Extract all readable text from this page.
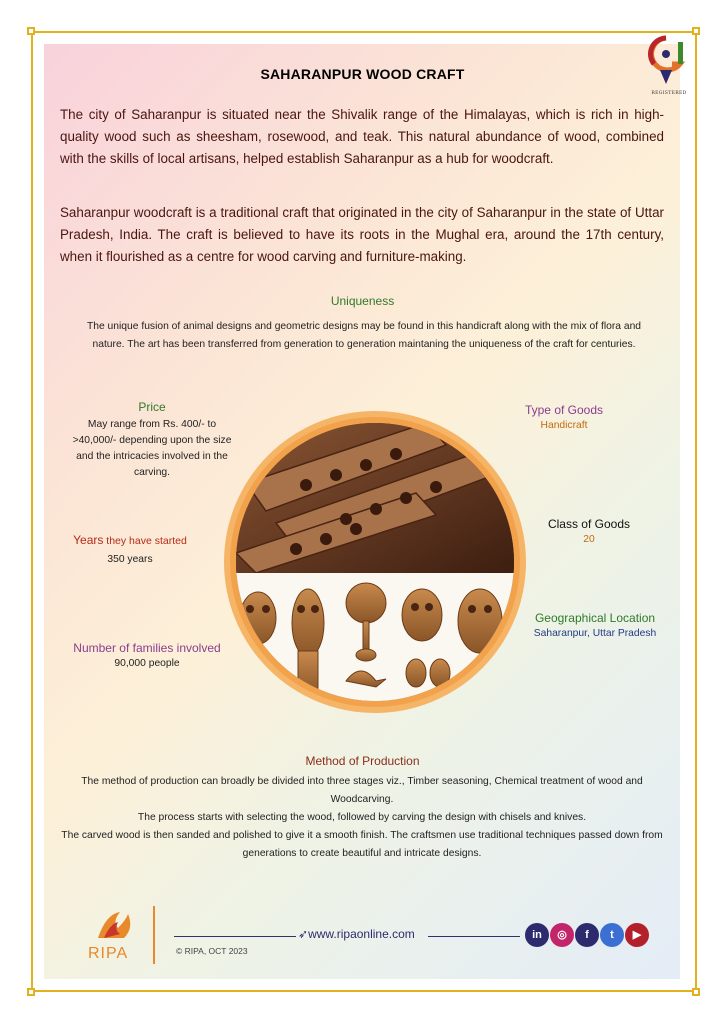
REGISTERED
SAHARANPUR WOOD CRAFT
The city of Saharanpur is situated near the Shivalik range of the Himalayas, which is rich in high-quality wood such as sheesham, rosewood, and teak. This natural abundance of wood, combined with the skills of local artisans, helped establish Saharanpur as a hub for woodcraft.
Saharanpur woodcraft is a traditional craft that originated in the city of Saharanpur in the state of Uttar Pradesh, India. The craft is believed to have its roots in the Mughal era, around the 17th century, when it flourished as a centre for wood carving and furniture-making.
Uniqueness
The unique fusion of animal designs and geometric designs may be found in this handicraft along with the mix of flora and nature. The art has been transferred from generation to generation maintaning the uniqueness of the craft for centuries.
Price
May range from Rs. 400/- to >40,000/- depending upon the size and the intricacies involved in the carving.
Years they have started
350 years
Number of families involved
90,000 people
Type of Goods
Handicraft
Class of Goods
20
Geographical Location
Saharanpur, Uttar Pradesh
Method of Production
The method of production can broadly be divided into three stages viz., Timber seasoning, Chemical treatment of wood and Woodcarving.
The process starts with selecting the wood, followed by carving the design with chisels and knives.
The carved wood is then sanded and polished to give it a smooth finish. The craftsmen use traditional techniques passed down from generations to create beautiful and intricate designs.
RIPA
➶www.ripaonline.com
© RIPA, OCT 2023
in	◎	f	t	▶
